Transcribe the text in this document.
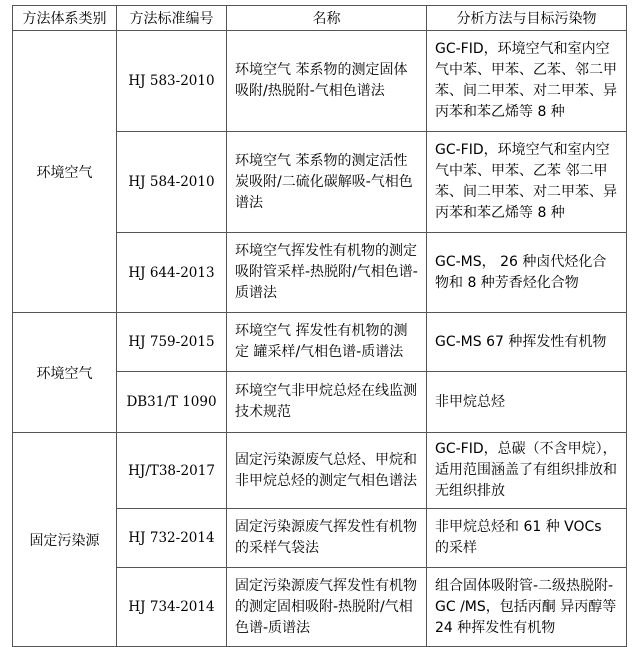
方法体系类别	方法标准编号	名称	分析方法与目标污染物
环境空气	HJ 583-2010	环境空气 苯系物的测定固体吸附/热脱附-气相色谱法	GC-FID，环境空气和室内空气中苯、甲苯、乙苯、邻二甲苯、间二甲苯、对二甲苯、异丙苯和苯乙烯等 8 种
	HJ 584-2010	环境空气 苯系物的测定活性炭吸附/二硫化碳解吸-气相色谱法	GC-FID，环境空气和室内空气中苯、甲苯、乙苯 邻二甲苯、间二甲苯、对二甲苯、异丙苯和苯乙烯等 8 种
	HJ 644-2013	环境空气挥发性有机物的测定 吸附管采样-热脱附/气相色谱-质谱法	GC-MS， 26 种卤代烃化合物和 8 种芳香烃化合物
环境空气	HJ 759-2015	环境空气 挥发性有机物的测定 罐采样/气相色谱-质谱法	GC-MS 67 种挥发性有机物
	DB31/T 1090	环境空气非甲烷总烃在线监测技术规范	非甲烷总烃
固定污染源	HJ/T38-2017	固定污染源废气总烃、甲烷和非甲烷总烃的测定气相色谱法	GC-FID，总碳（不含甲烷），适用范围涵盖了有组织排放和无组织排放
	HJ 732-2014	固定污染源废气挥发性有机物的采样气袋法	非甲烷总烃和 61 种 VOCs 的采样
	HJ 734-2014	固定污染源废气挥发性有机物的测定固相吸附-热脱附/气相色谱-质谱法	组合固体吸附管-二级热脱附-GC /MS，包括丙酮 异丙醇等 24 种挥发性有机物
